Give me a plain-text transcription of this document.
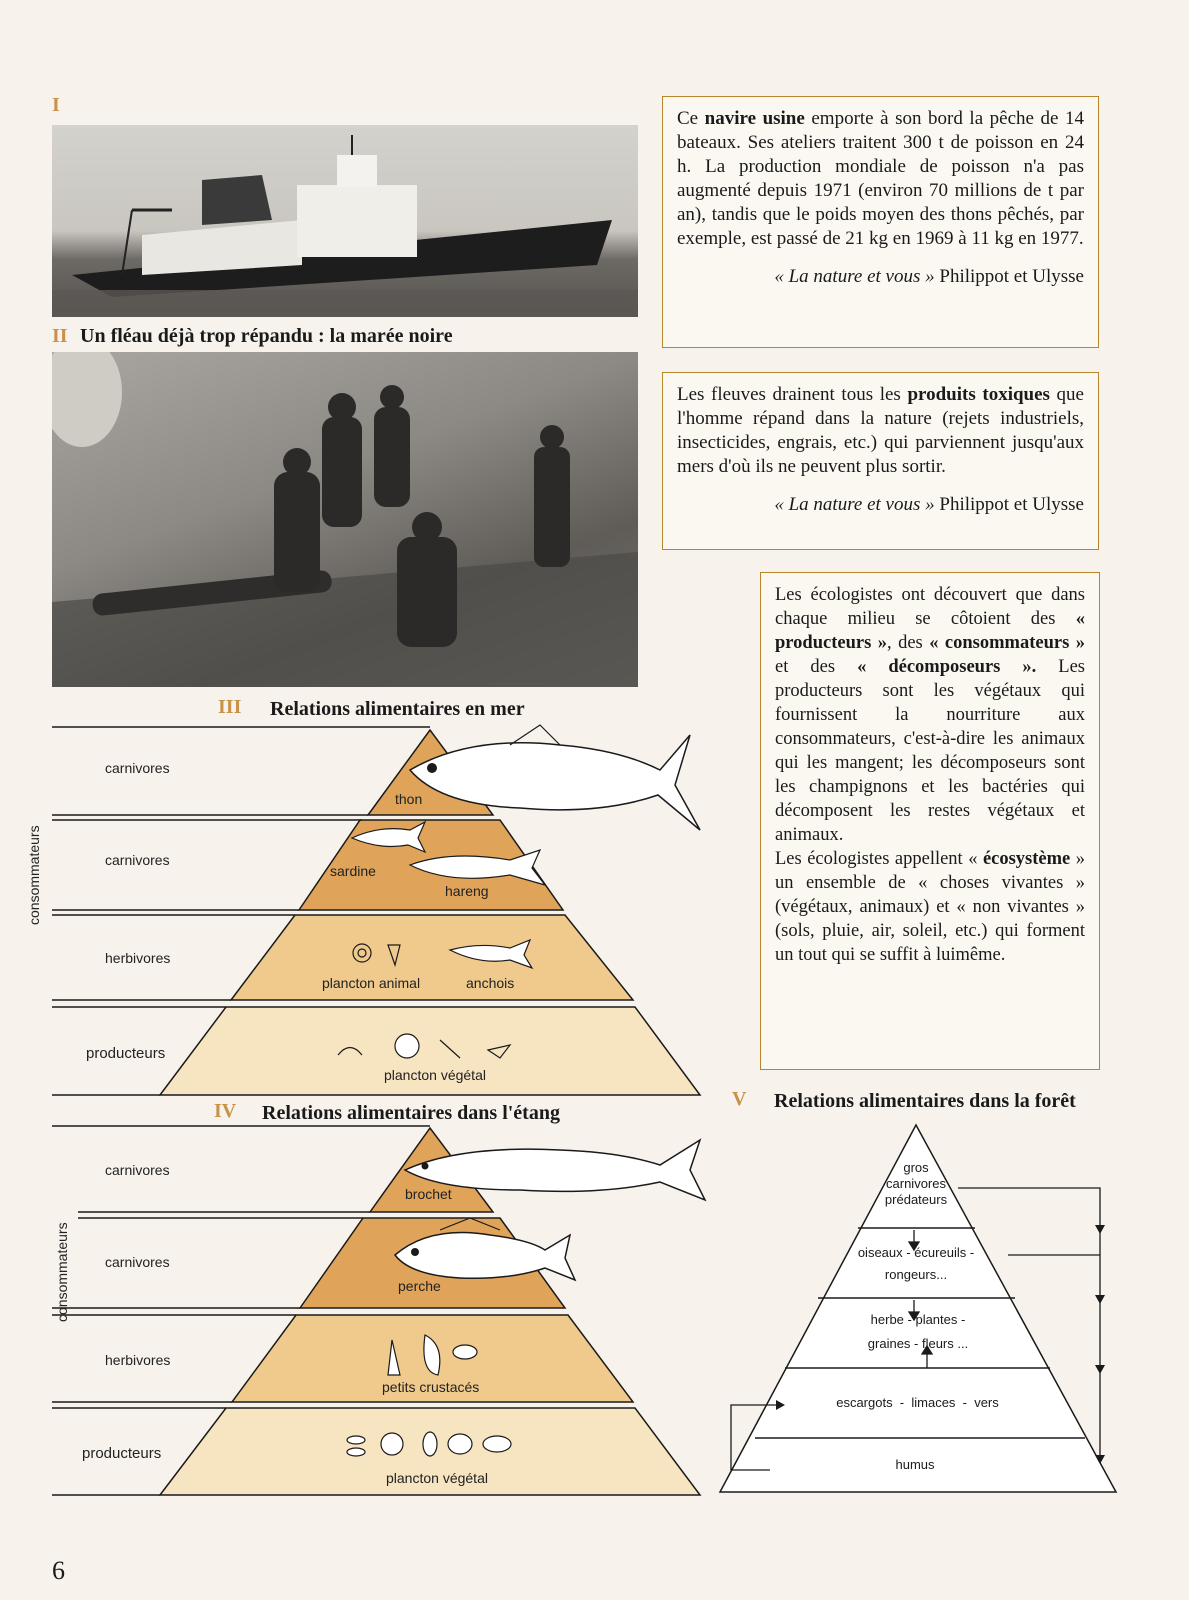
I
II Un fléau déjà trop répandu : la marée noire

Ce navire usine emporte à son bord la pêche de 14 bateaux. Ses ateliers traitent 300 t de poisson en 24 h. La production mondiale de poisson n'a pas augmenté depuis 1971 (environ 70 millions de t par an), tandis que le poids moyen des thons pêchés, par exemple, est passé de 21 kg en 1969 à 11 kg en 1977.

« La nature et vous » Philippot et Ulysse

Les fleuves drainent tous les produits toxiques que l'homme répand dans la nature (rejets industriels, insecticides, engrais, etc.) qui parviennent jusqu'aux mers d'où ils ne peuvent plus sortir.

« La nature et vous » Philippot et Ulysse

Les écologistes ont découvert que dans chaque milieu se côtoient des « producteurs », des « consommateurs » et des « décomposeurs ». Les producteurs sont les végétaux qui fournissent la nourriture aux consommateurs, c'est-à-dire les animaux qui les mangent; les décomposeurs sont les champignons et les bactéries qui décomposent les restes végétaux et animaux.
Les écologistes appellent « écosystème » un ensemble de « choses vivantes » (végétaux, animaux) et « non vivantes » (sols, pluie, air, soleil, etc.) qui forment un tout qui se suffit à luimême.

III Relations alimentaires en mer
consommateurs
carnivores
carnivores
herbivores
producteurs
thon
sardine
hareng
plancton animal	anchois
plancton végétal
IV Relations alimentaires dans l'étang
consommateurs
carnivores
carnivores
herbivores
producteurs
brochet
perche
petits crustacés
plancton végétal
V Relations alimentaires dans la forêt
gros
carnivores
prédateurs
oiseaux - écureuils -
rongeurs...
herbe - plantes -
graines - fleurs ...
escargots  -  limaces  -  vers
humus
6
